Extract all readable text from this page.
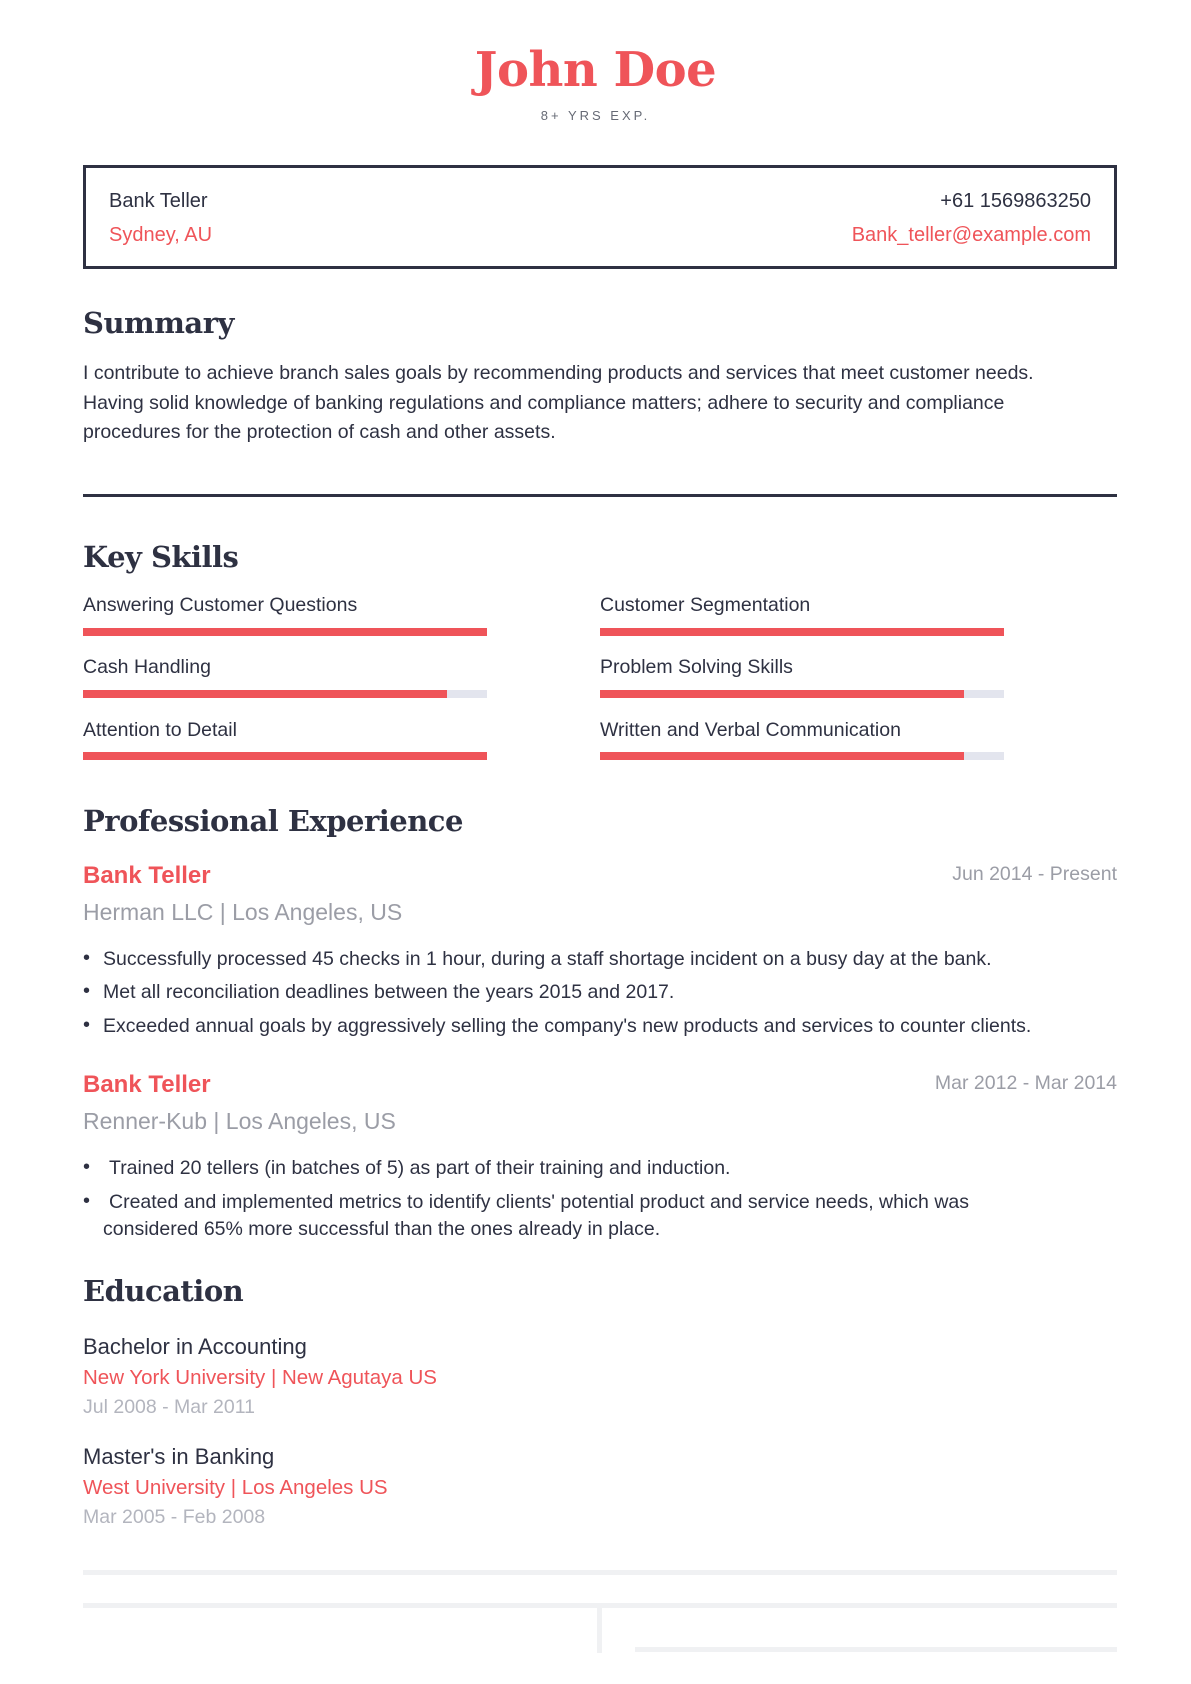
John Doe
8+ YRS EXP.
Bank Teller
Sydney, AU
+61 1569863250
Bank_teller@example.com
Summary
I contribute to achieve branch sales goals by recommending products and services that meet customer needs.
Having solid knowledge of banking regulations and compliance matters; adhere to security and compliance
procedures for the protection of cash and other assets.
Key Skills
Answering Customer Questions	Customer Segmentation
Cash Handling	Problem Solving Skills
Attention to Detail	Written and Verbal Communication
Professional Experience
Bank Teller	Jun 2014 - Present
Herman LLC | Los Angeles, US
• Successfully processed 45 checks in 1 hour, during a staff shortage incident on a busy day at the bank.
• Met all reconciliation deadlines between the years 2015 and 2017.
• Exceeded annual goals by aggressively selling the company's new products and services to counter clients.
Bank Teller	Mar 2012 - Mar 2014
Renner-Kub | Los Angeles, US
• Trained 20 tellers (in batches of 5) as part of their training and induction.
• Created and implemented metrics to identify clients' potential product and service needs, which was
considered 65% more successful than the ones already in place.
Education
Bachelor in Accounting
New York University | New Agutaya US
Jul 2008 - Mar 2011
Master's in Banking
West University | Los Angeles US
Mar 2005 - Feb 2008
